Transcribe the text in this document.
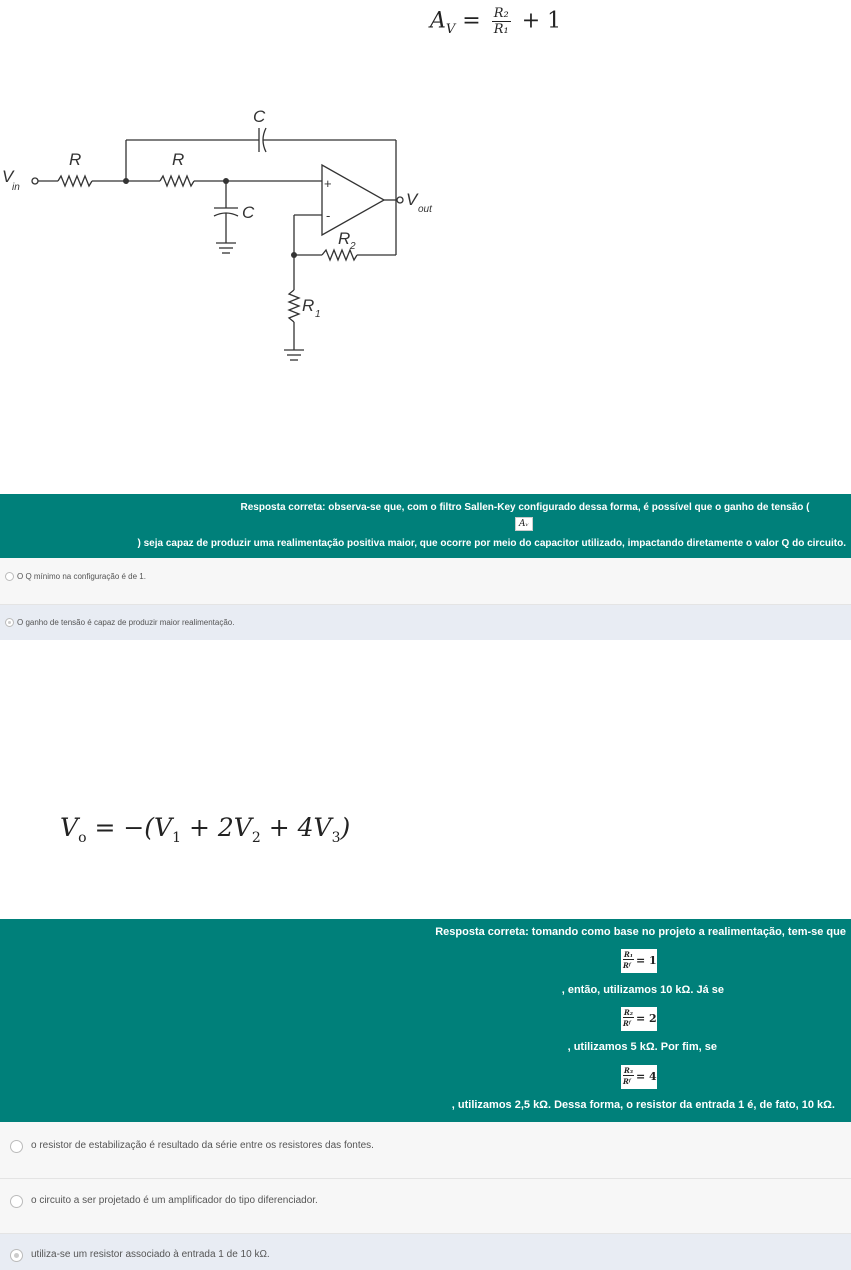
$A_V = \frac{\text{R₂}}{\text{R₁}} + 1$
C
R	R
C
V
in
V
out
R 2
R 1
+
-
Resposta correta: observa-se que, com o filtro Sallen-Key configurado dessa forma, é possível que o ganho de tensão (
) seja capaz de produzir uma realimentação positiva maior, que ocorre por meio do capacitor utilizado, impactando diretamente o valor Q do circuito.
Aᵥ
O Q mínimo na configuração é de 1.
O ganho de tensão é capaz de produzir maior realimentação.
$V_o = -(V_1 + 2V_2 + 4V_3)$
Resposta correta: tomando como base no projeto a realimentação, tem-se que
R₁
Rᶠ = 1
, então, utilizamos 10 kΩ. Já se
R₂
Rᶠ = 2
, utilizamos 5 kΩ. Por fim, se
R₃
Rᶠ = 4
, utilizamos 2,5 kΩ. Dessa forma, o resistor da entrada 1 é, de fato, 10 kΩ.
o resistor de estabilização é resultado da série entre os resistores das fontes.
o circuito a ser projetado é um amplificador do tipo diferenciador.
utiliza-se um resistor associado à entrada 1 de 10 kΩ.
